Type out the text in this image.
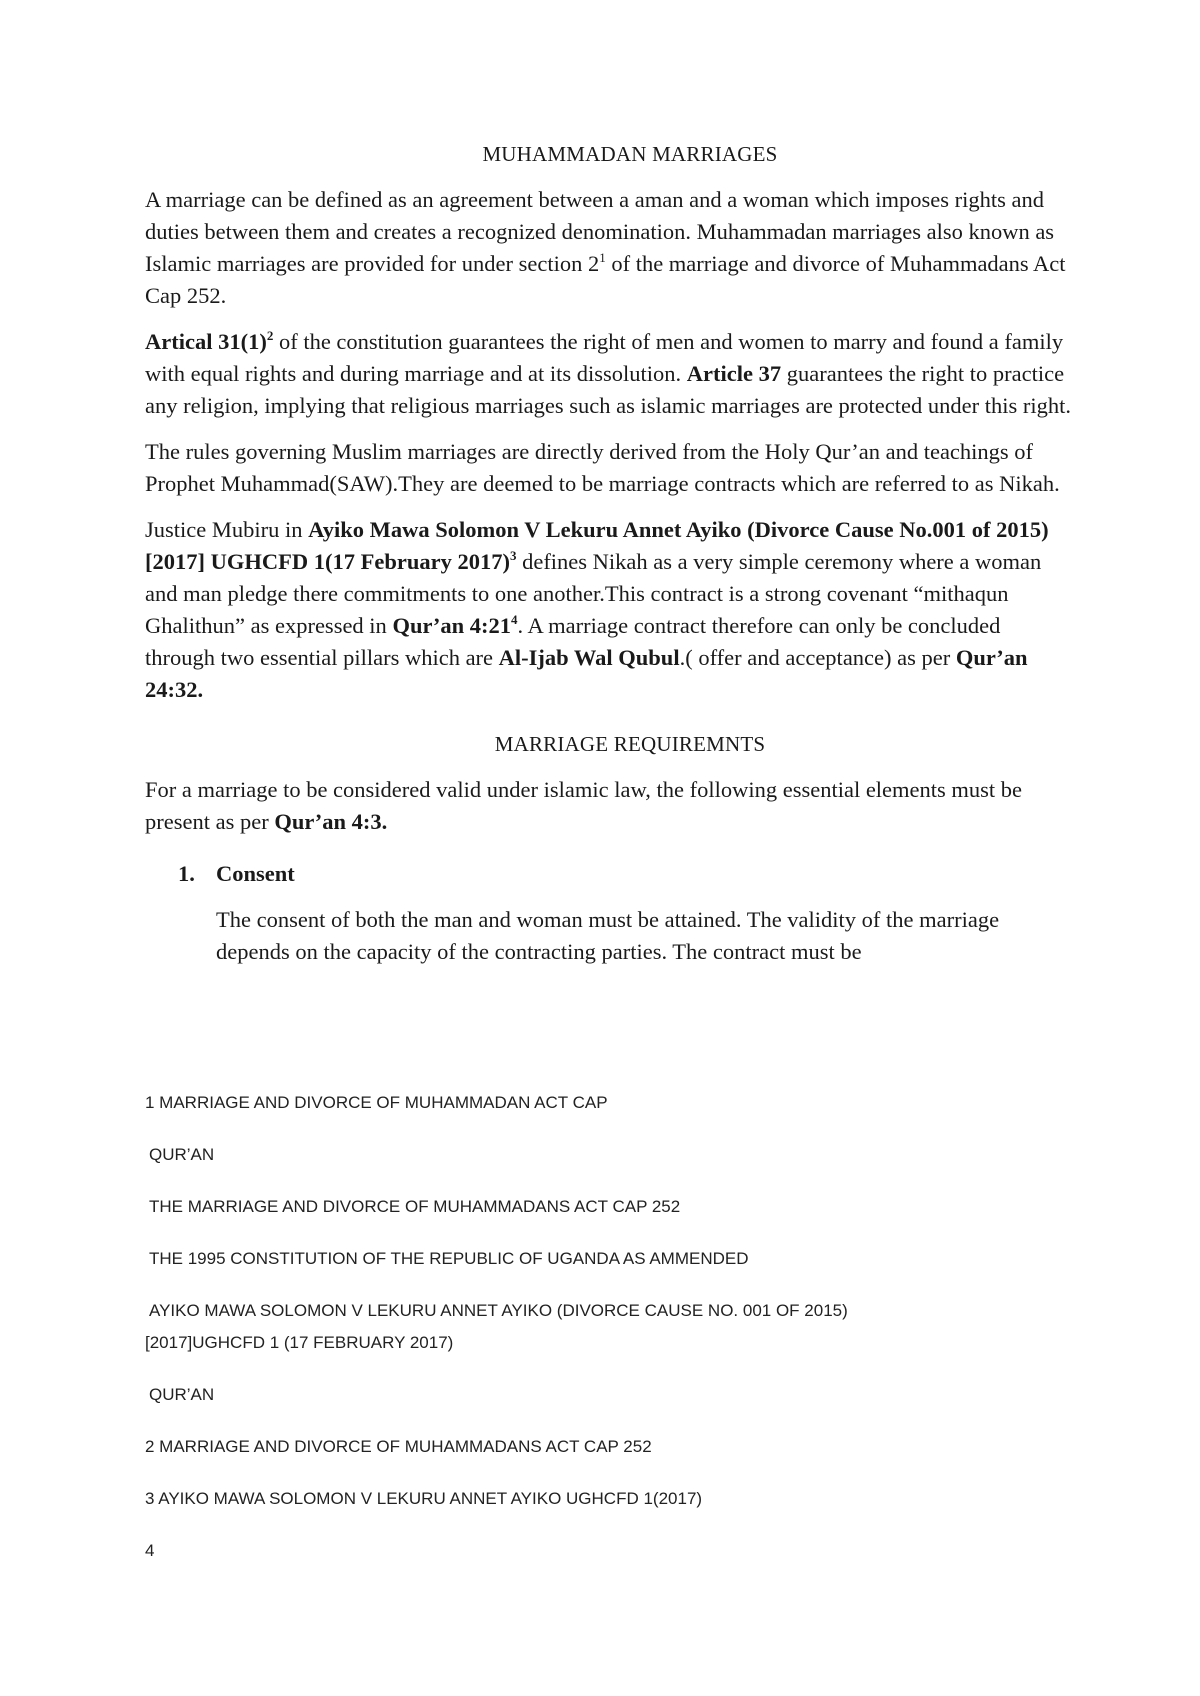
MUHAMMADAN MARRIAGES

A marriage can be defined as an agreement between a aman and a woman which imposes rights and duties between them and creates a recognized denomination. Muhammadan marriages also known as Islamic marriages are provided for under section $2^1$ of the marriage and divorce of Muhammadans Act Cap 252.

Artical $31(1)^2$ of the constitution guarantees the right of men and women to marry and found a family with equal rights and during marriage and at its dissolution. Article 37 guarantees the right to practice any religion, implying that religious marriages such as islamic marriages are protected under this right.

The rules governing Muslim marriages are directly derived from the Holy Qur’an and teachings of Prophet Muhammad(SAW).They are deemed to be marriage contracts which are referred to as Nikah.

Justice Mubiru in Ayiko Mawa Solomon V Lekuru Annet Ayiko (Divorce Cause No.001 of 2015)[2017] UGHCFD 1(17 February 2017)$^3$ defines Nikah as a very simple ceremony where a woman and man pledge there commitments to one another.This contract is a strong covenant “mithaqun Ghalithun” as expressed in Qur’an $4:21^4$. A marriage contract therefore can only be concluded through two essential pillars which are Al-Ijab Wal Qubul.( offer and acceptance) as per Qur’an 24:32.

MARRIAGE REQUIREMNTS

For a marriage to be considered valid under islamic law, the following essential elements must be present as per Qur’an 4:3.

1. Consent

The consent of both the man and woman must be attained. The validity of the marriage depends on the capacity of the contracting parties. The contract must be

1 MARRIAGE AND DIVORCE OF MUHAMMADAN ACT CAP

QUR’AN

THE MARRIAGE AND DIVORCE OF MUHAMMADANS ACT CAP 252

THE 1995 CONSTITUTION OF THE REPUBLIC OF UGANDA AS AMMENDED

AYIKO MAWA SOLOMON V LEKURU ANNET AYIKO (DIVORCE CAUSE NO. 001 OF 2015)

[2017]UGHCFD 1 (17 FEBRUARY 2017)

QUR’AN

2 MARRIAGE AND DIVORCE OF MUHAMMADANS ACT CAP 252

3 AYIKO MAWA SOLOMON V LEKURU ANNET AYIKO UGHCFD 1(2017)

4
